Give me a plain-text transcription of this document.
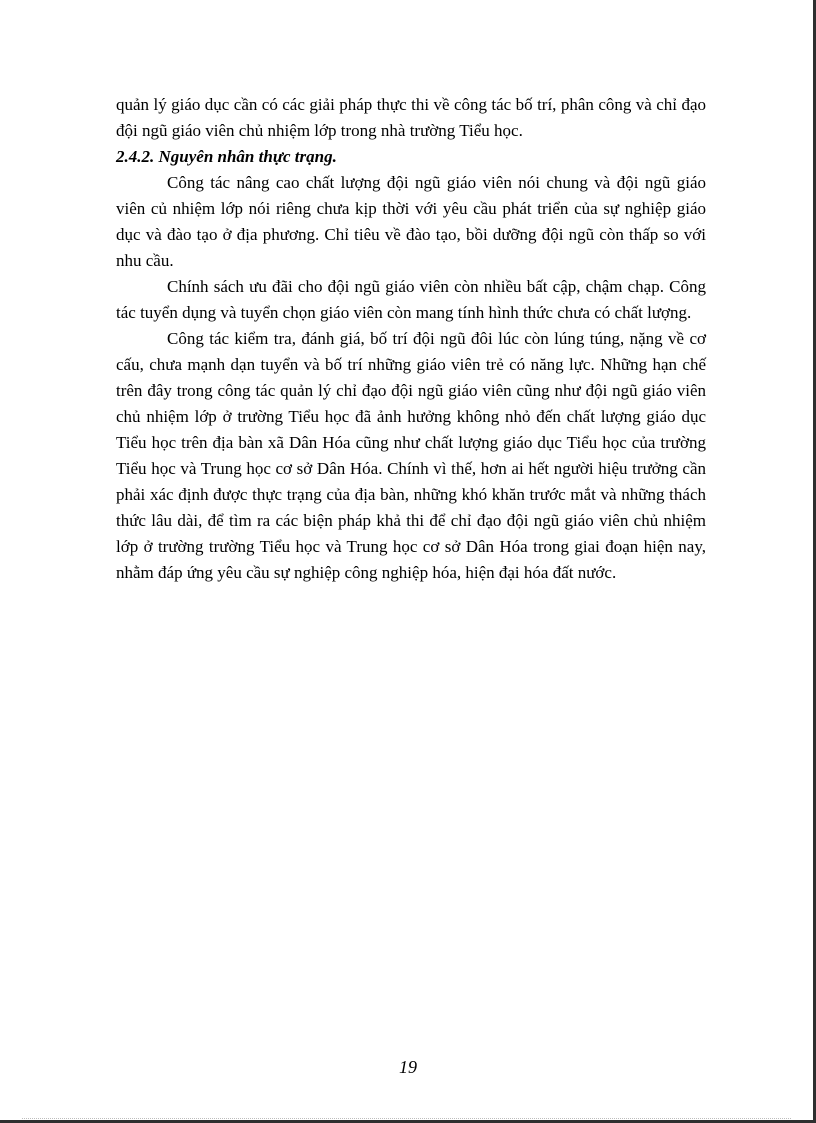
quản lý giáo dục cần có các giải pháp thực thi về công tác bố trí, phân công và chỉ đạo đội ngũ giáo viên chủ nhiệm lớp trong nhà trường Tiểu học.

2.4.2. Nguyên nhân thực trạng.

Công tác nâng cao chất lượng đội ngũ giáo viên nói chung và đội ngũ giáo viên củ nhiệm lớp nói riêng chưa kịp thời với yêu cầu phát triển của sự nghiệp giáo dục và đào tạo ở địa phương. Chỉ tiêu về đào tạo, bồi dưỡng đội ngũ còn thấp so với nhu cầu.

Chính sách ưu đãi cho đội ngũ giáo viên còn nhiều bất cập, chậm chạp. Công tác tuyển dụng và tuyển chọn giáo viên còn mang tính hình thức chưa có chất lượng.

Công tác kiểm tra, đánh giá, bố trí đội ngũ đôi lúc còn lúng túng, nặng về cơ cấu, chưa mạnh dạn tuyển và bố trí những giáo viên trẻ có năng lực. Những hạn chế trên đây trong công tác quản lý chỉ đạo đội ngũ giáo viên cũng như đội ngũ giáo viên chủ nhiệm lớp ở trường Tiểu học đã ảnh hưởng không nhỏ đến chất lượng giáo dục Tiểu học trên địa bàn xã Dân Hóa cũng như chất lượng giáo dục Tiểu học của trường Tiểu học và Trung học cơ sở Dân Hóa. Chính vì thế, hơn ai hết người hiệu trưởng cần phải xác định được thực trạng của địa bàn, những khó khăn trước mắt và những thách thức lâu dài, để tìm ra các biện pháp khả thi để chỉ đạo đội ngũ giáo viên chủ nhiệm lớp ở trường trường Tiểu học và Trung học cơ sở Dân Hóa trong giai đoạn hiện nay, nhằm đáp ứng yêu cầu sự nghiệp công nghiệp hóa, hiện đại hóa đất nước.

19
